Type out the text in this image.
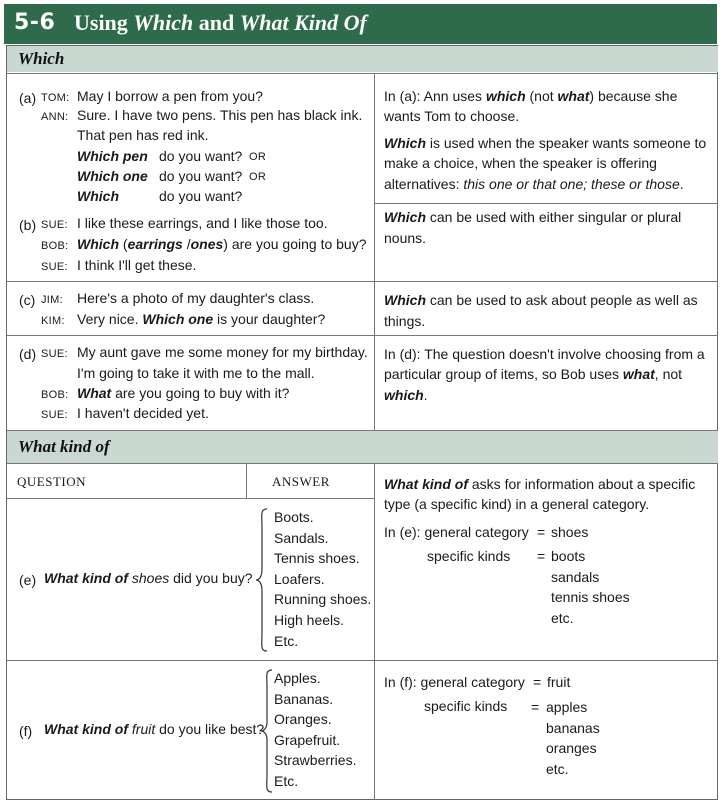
5-6 Using Which and What Kind Of
Which
(a) TOM: May I borrow a pen from you?
ANN: Sure. I have two pens. This pen has black ink.
That pen has red ink.
Which pen do you want? OR
Which one do you want? OR
Which	do you want?
(b) SUE: I like these earrings, and I like those too.
BOB: Which (earrings /ones) are you going to buy?
SUE: I think I'll get these.
(c) JIM: Here's a photo of my daughter's class.
KIM: Very nice. Which one is your daughter?
(d) SUE: My aunt gave me some money for my birthday.
I'm going to take it with me to the mall.
BOB: What are you going to buy with it?
SUE: I haven't decided yet.
In (a): Ann uses which (not what) because she
wants Tom to choose.
Which is used when the speaker wants someone to
make a choice, when the speaker is offering
alternatives: this one or that one; these or those.
Which can be used with either singular or plural
nouns.
Which can be used to ask about people as well as
things.
In (d): The question doesn't involve choosing from a
particular group of items, so Bob uses what, not
which.
What kind of
QUESTION	ANSWER
(e) What kind of shoes did you buy?
Boots.
Sandals.
Tennis shoes.
Loafers.
Running shoes.
High heels.
Etc.
(f) What kind of fruit do you like best?
Apples.
Bananas.
Oranges.
Grapefruit.
Strawberries.
Etc.
What kind of asks for information about a specific
type (a specific kind) in a general category.
In (e): general category = shoes
specific kinds = boots
sandals
tennis shoes
etc.
In (f): general category = fruit
specific kinds = apples
bananas
oranges
etc.
